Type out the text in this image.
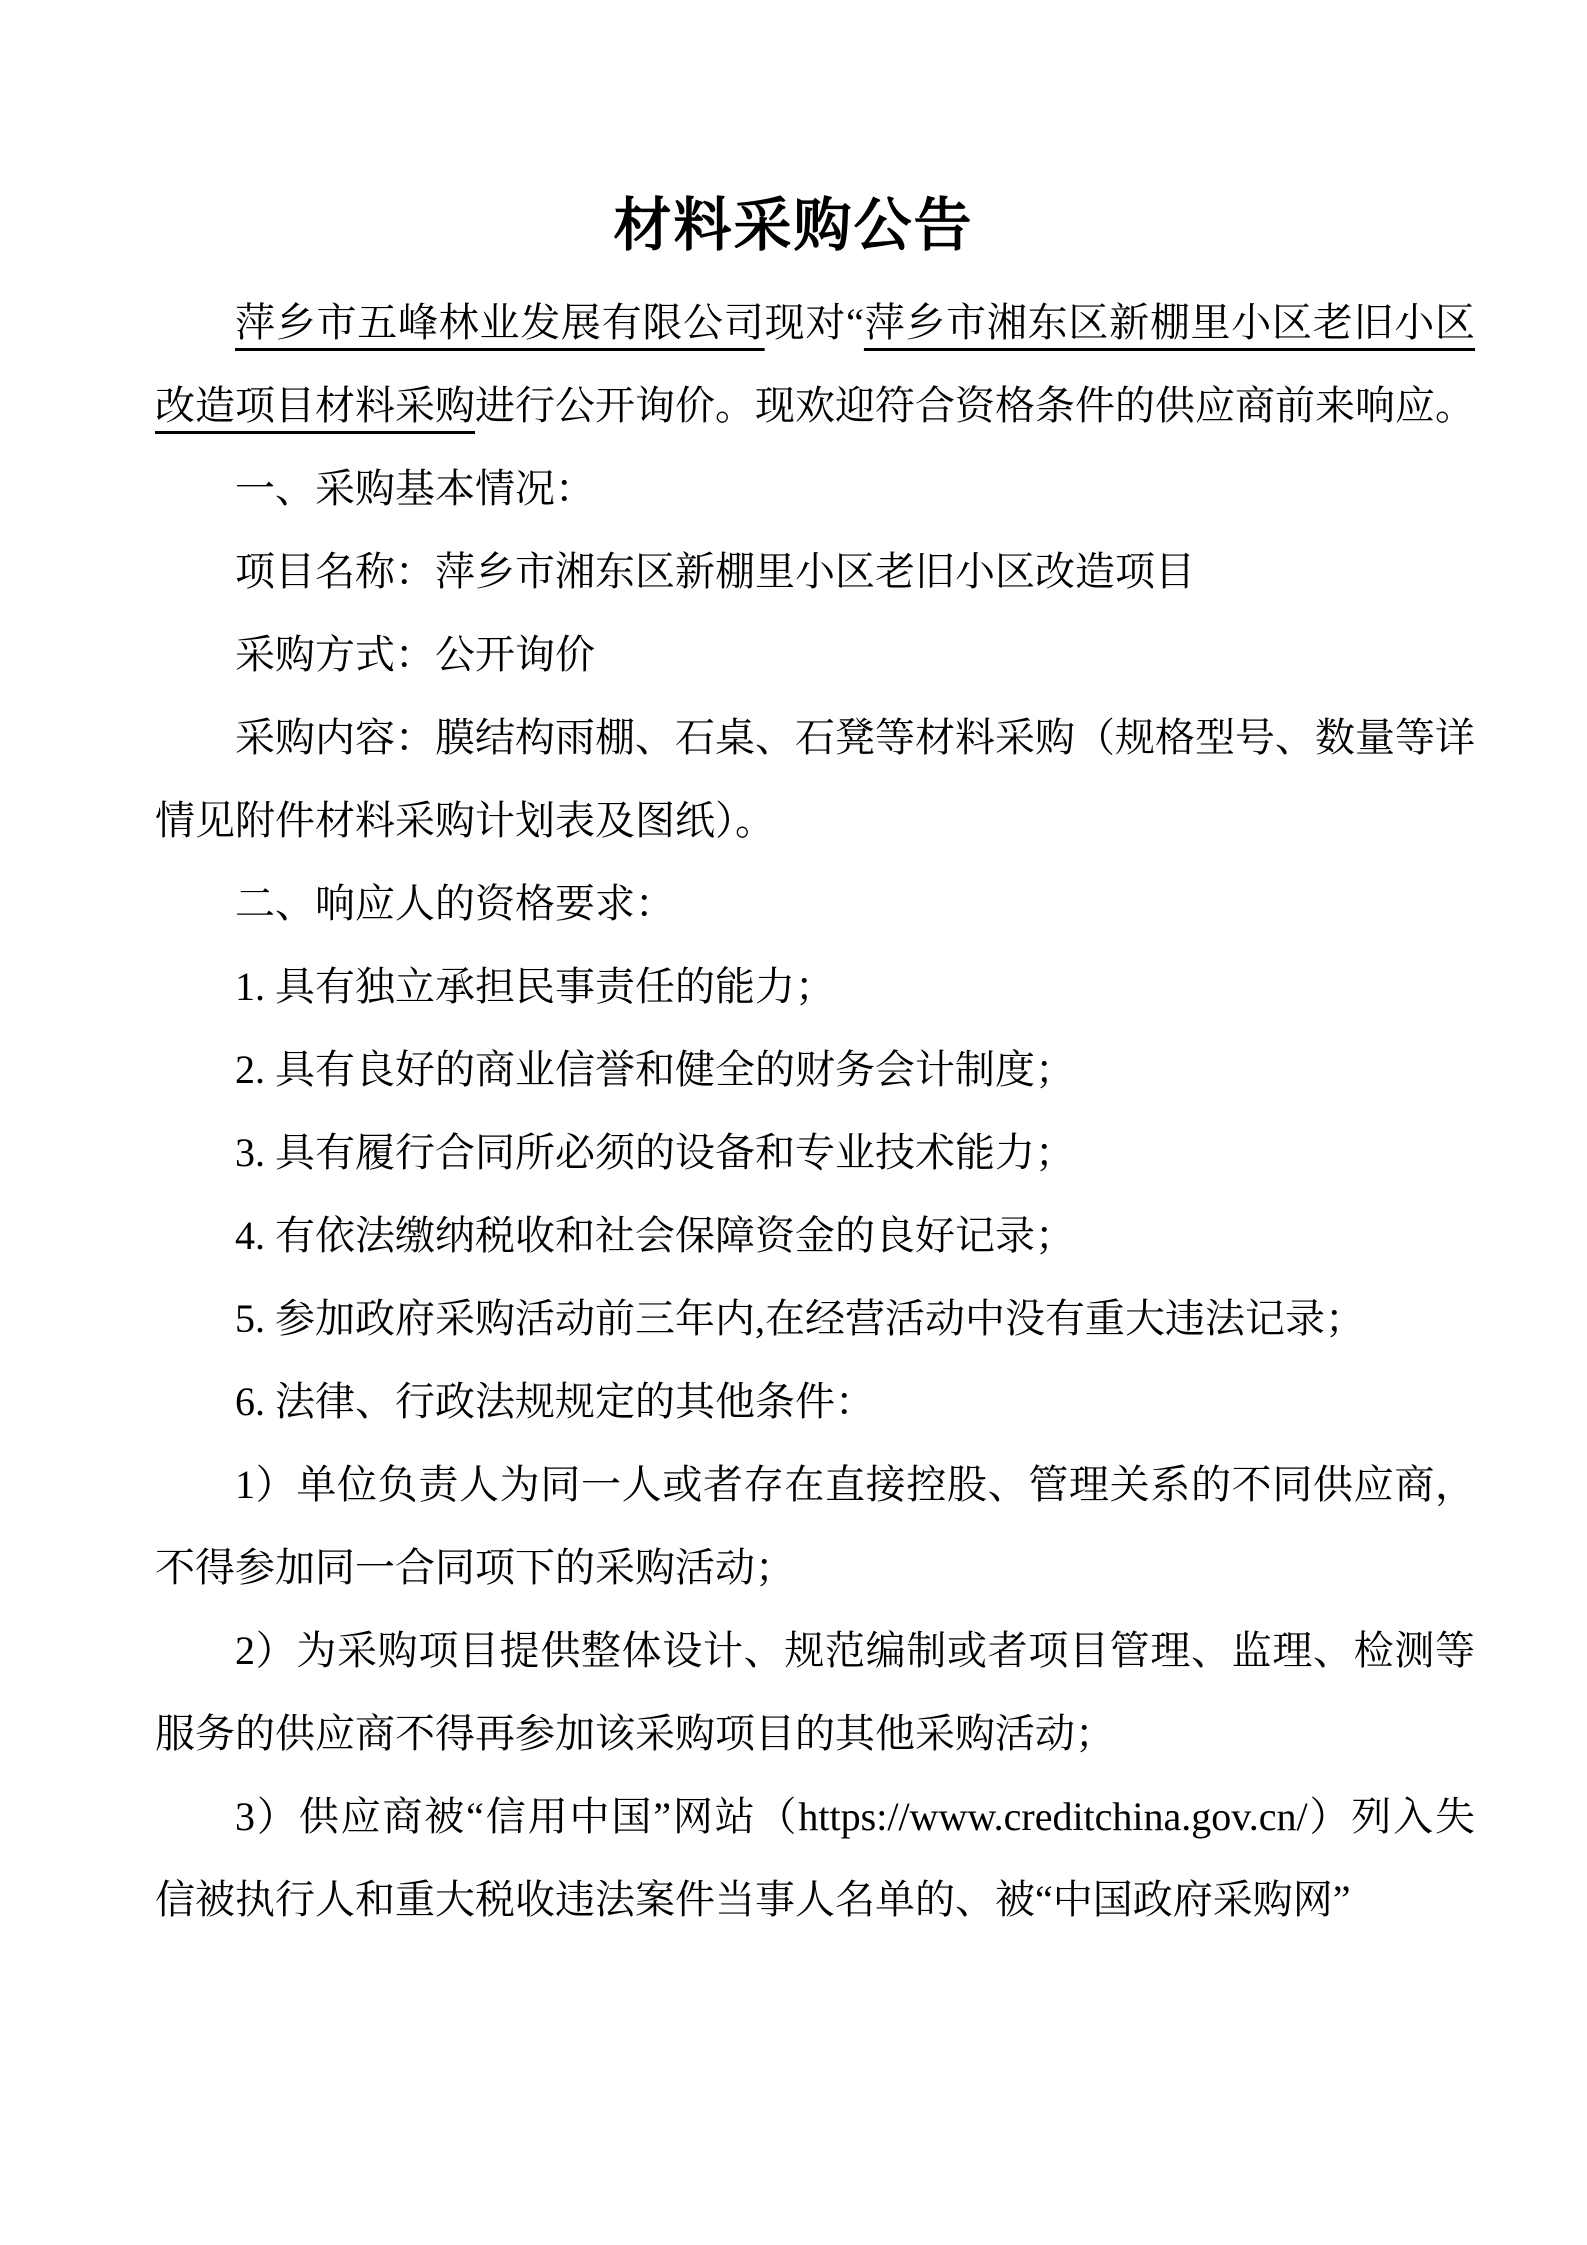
材料采购公告

萍乡市五峰林业发展有限公司现对“萍乡市湘东区新棚里小区老旧小区改造项目材料采购进行公开询价。现欢迎符合资格条件的供应商前来响应。

一、采购基本情况：

项目名称：萍乡市湘东区新棚里小区老旧小区改造项目

采购方式：公开询价

采购内容：膜结构雨棚、石桌、石凳等材料采购（规格型号、数量等详情见附件材料采购计划表及图纸）。

二、响应人的资格要求：

1. 具有独立承担民事责任的能力；

2. 具有良好的商业信誉和健全的财务会计制度；

3. 具有履行合同所必须的设备和专业技术能力；

4. 有依法缴纳税收和社会保障资金的良好记录；

5. 参加政府采购活动前三年内,在经营活动中没有重大违法记录；

6. 法律、行政法规规定的其他条件：

1）单位负责人为同一人或者存在直接控股、管理关系的不同供应商，不得参加同一合同项下的采购活动；

2）为采购项目提供整体设计、规范编制或者项目管理、监理、检测等服务的供应商不得再参加该采购项目的其他采购活动；

3）供应商被“信用中国”网站（https://www.creditchina.gov.cn/）列入失信被执行人和重大税收违法案件当事人名单的、被“中国政府采购网”
